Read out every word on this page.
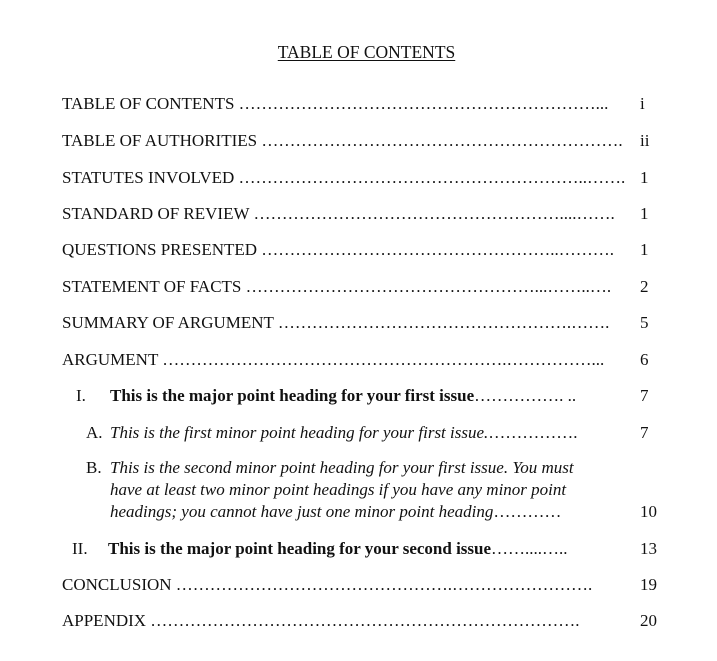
TABLE OF CONTENTS
TABLE OF CONTENTS ………………………………………………………... i
TABLE OF AUTHORITIES ………………………………………………………. ii
STATUTES INVOLVED ……………………………………………………..……. 1
STANDARD OF REVIEW ………………………………………………....……. 1
QUESTIONS PRESENTED ……………………………………………..………. 1
STATEMENT OF FACTS ……………………………………………...……..…. 2
SUMMARY OF ARGUMENT …………………………………………….……. 5
ARGUMENT …………………………………………………….……………... 6
I. This is the major point heading for your first issue……………. ..	7
A. This is the first minor point heading for your first issue.…………….	7
B. This is the second minor point heading for your first issue. You must
have at least two minor point headings if you have any minor point
headings; you cannot have just one minor point heading…………	10
II. This is the major point heading for your second issue……....…..	13
CONCLUSION ………………………………………….…………………….	19
APPENDIX ………………………………………………………………….	20
